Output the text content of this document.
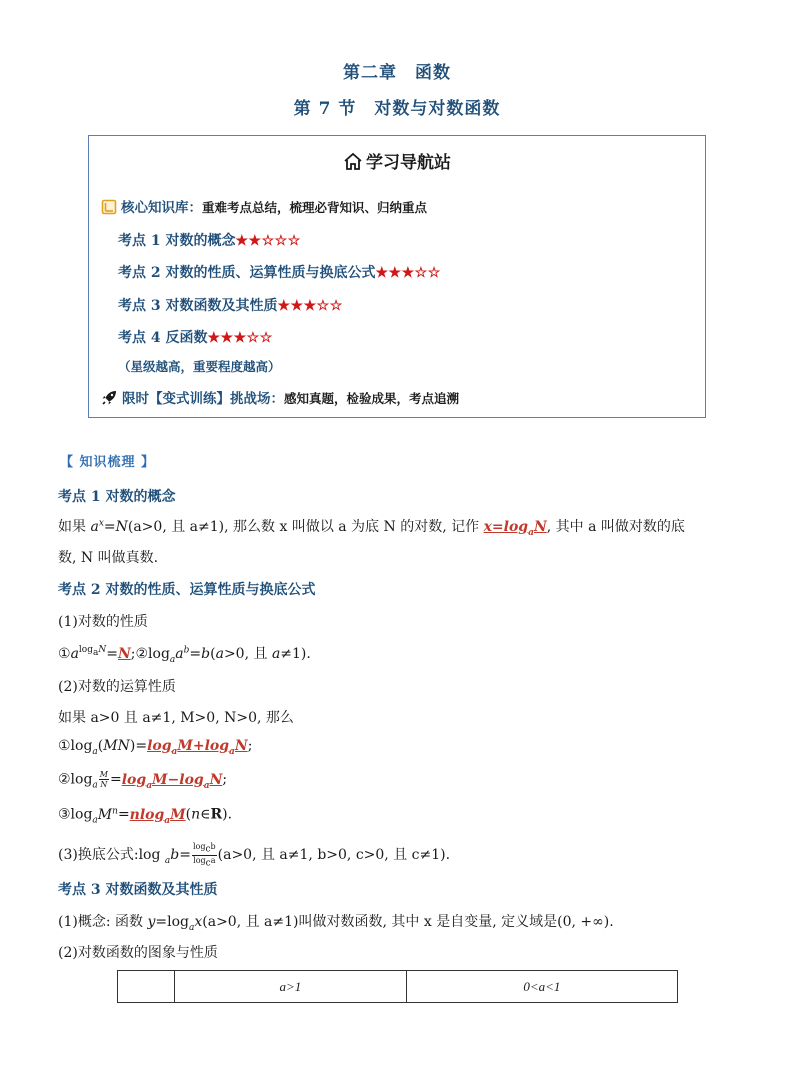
第二章　函数
第 7 节　对数与对数函数
学习导航站
核心知识库：重难考点总结，梳理必背知识、归纳重点
考点 1 对数的概念★★☆☆☆
考点 2 对数的性质、运算性质与换底公式★★★☆☆
考点 3 对数函数及其性质★★★☆☆
考点 4 反函数★★★☆☆
（星级越高，重要程度越高）
限时【变式训练】挑战场：感知真题，检验成果，考点追溯
【 知识梳理 】
考点 1 对数的概念
如果 $a^x=N(a>0$, 且 a≠1), 那么数 x 叫做以 a 为底 N 的对数, 记作 $x=\log_aN$, 其中 a 叫做对数的底
数, N 叫做真数.
考点 2 对数的性质、运算性质与换底公式
(1)对数的性质
$①a^{log_aN}=N;②\log_aa^b=b(a>0$, 且 a≠1).
(2)对数的运算性质
如果 a>0 且 a≠1, M>0, N>0, 那么
$①\log_a(MN)=\log_aM+\log_aN$;
$②\log_a \frac{M}{N} =\log_aM-\log_aN$;
$③\log_aM^n=nlog_aM(n\in R)$.
(3)换底公式:log $_ab= \frac{\log_cb}{\log_ca} (a>0$, 且 a≠1, b>0, c>0, 且 c≠1).
考点 3 对数函数及其性质
(1)概念: 函数 $y=\log_ax(a>0$, 且 a≠1)叫做对数函数, 其中 x 是自变量, 定义域是(0, +∞).
(2)对数函数的图象与性质
	a>1	0<a<1
